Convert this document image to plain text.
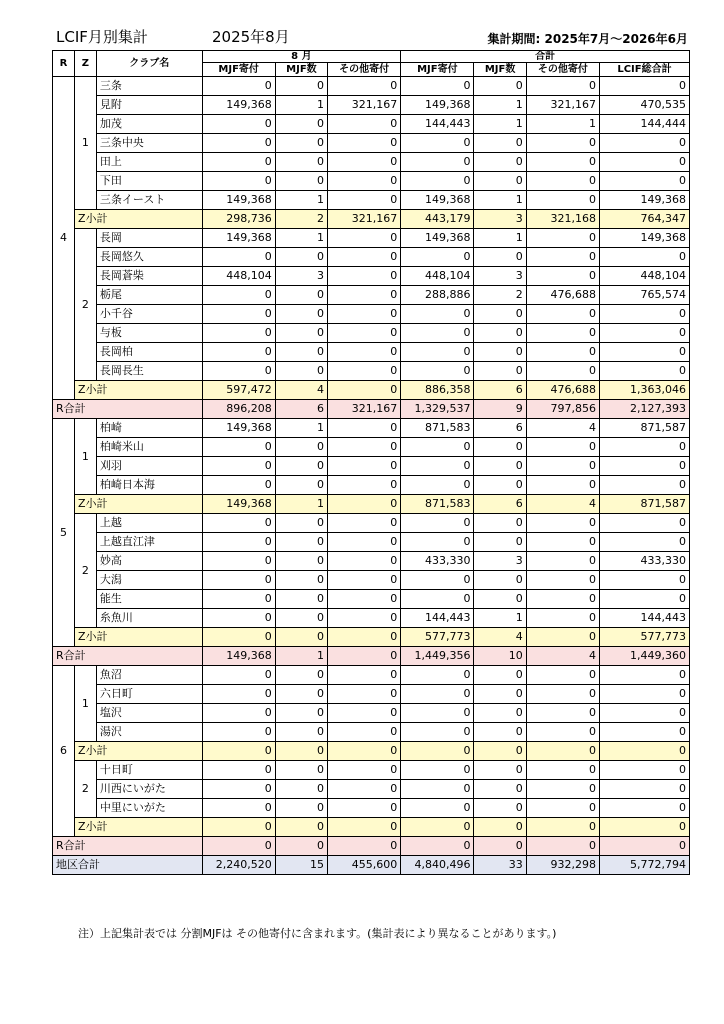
LCIF月別集計	2025年8月	集計期間: 2025年7月～2026年6月
R	Z	クラブ名	8 月			合計			
			MJF寄付	MJF数	その他寄付	MJF寄付	MJF数	その他寄付	LCIF総合計
4	1	三条	0	0	0	0	0	0	0
		見附	149,368	1	321,167	149,368	1	321,167	470,535
		加茂	0	0	0	144,443	1	1	144,444
		三条中央	0	0	0	0	0	0	0
		田上	0	0	0	0	0	0	0
		下田	0	0	0	0	0	0	0
		三条イースト	149,368	1	0	149,368	1	0	149,368
	Z小計		298,736	2	321,167	443,179	3	321,168	764,347
	2	長岡	149,368	1	0	149,368	1	0	149,368
		長岡悠久	0	0	0	0	0	0	0
		長岡蒼柴	448,104	3	0	448,104	3	0	448,104
		栃尾	0	0	0	288,886	2	476,688	765,574
		小千谷	0	0	0	0	0	0	0
		与板	0	0	0	0	0	0	0
		長岡柏	0	0	0	0	0	0	0
		長岡長生	0	0	0	0	0	0	0
	Z小計		597,472	4	0	886,358	6	476,688	1,363,046
R合計			896,208	6	321,167	1,329,537	9	797,856	2,127,393
5	1	柏崎	149,368	1	0	871,583	6	4	871,587
		柏崎米山	0	0	0	0	0	0	0
		刈羽	0	0	0	0	0	0	0
		柏崎日本海	0	0	0	0	0	0	0
	Z小計		149,368	1	0	871,583	6	4	871,587
	2	上越	0	0	0	0	0	0	0
		上越直江津	0	0	0	0	0	0	0
		妙高	0	0	0	433,330	3	0	433,330
		大潟	0	0	0	0	0	0	0
		能生	0	0	0	0	0	0	0
		糸魚川	0	0	0	144,443	1	0	144,443
	Z小計		0	0	0	577,773	4	0	577,773
R合計			149,368	1	0	1,449,356	10	4	1,449,360
6	1	魚沼	0	0	0	0	0	0	0
		六日町	0	0	0	0	0	0	0
		塩沢	0	0	0	0	0	0	0
		湯沢	0	0	0	0	0	0	0
	Z小計		0	0	0	0	0	0	0
	2	十日町	0	0	0	0	0	0	0
		川西にいがた	0	0	0	0	0	0	0
		中里にいがた	0	0	0	0	0	0	0
	Z小計		0	0	0	0	0	0	0
R合計			0	0	0	0	0	0	0
地区合計			2,240,520	15	455,600	4,840,496	33	932,298	5,772,794
注）上記集計表では 分割MJFは その他寄付に含まれます。(集計表により異なることがあります。)
